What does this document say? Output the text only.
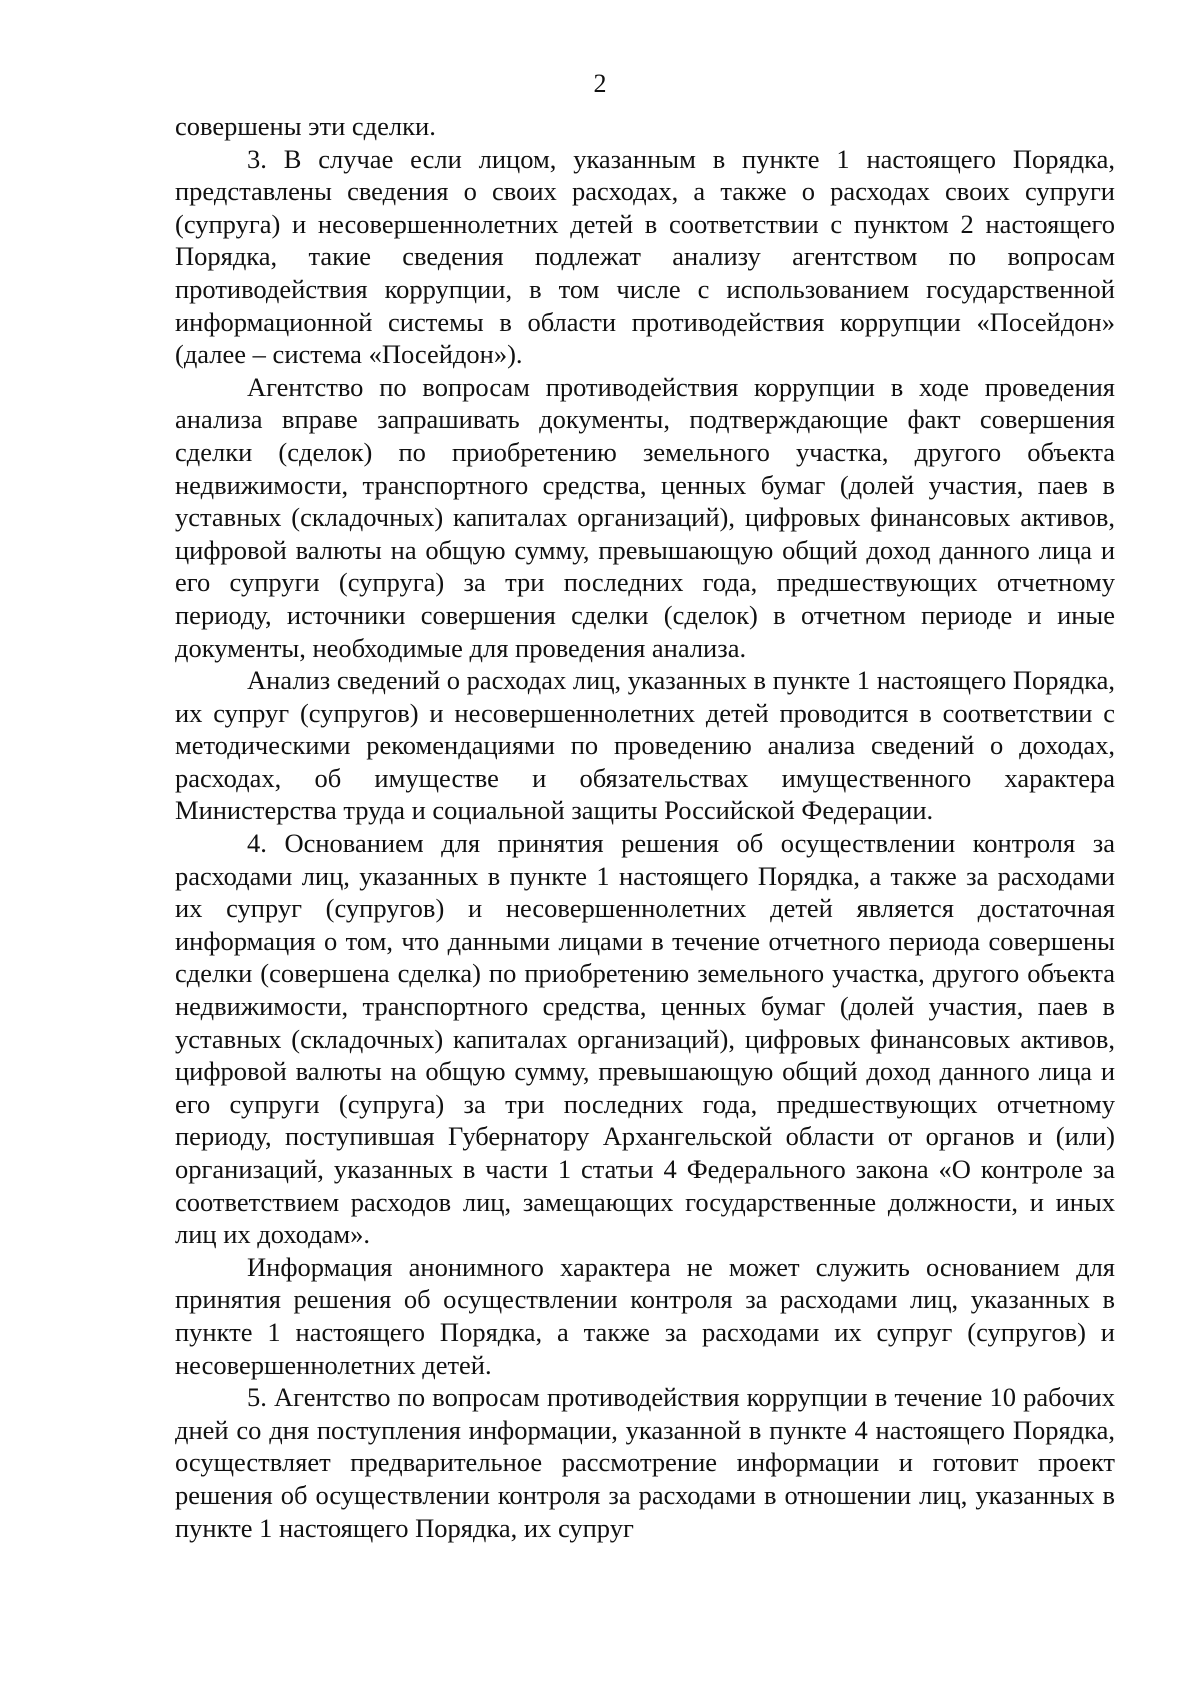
2

совершены эти сделки.

3. В случае если лицом, указанным в пункте 1 настоящего Порядка, представлены сведения о своих расходах, а также о расходах своих супруги (супруга) и несовершеннолетних детей в соответствии с пунктом 2 настоящего Порядка, такие сведения подлежат анализу агентством по вопросам противодействия коррупции, в том числе с использованием государственной информационной системы в области противодействия коррупции «Посейдон» (далее – система «Посейдон»).

Агентство по вопросам противодействия коррупции в ходе проведения анализа вправе запрашивать документы, подтверждающие факт совершения сделки (сделок) по приобретению земельного участка, другого объекта недвижимости, транспортного средства, ценных бумаг (долей участия, паев в уставных (складочных) капиталах организаций), цифровых финансовых активов, цифровой валюты на общую сумму, превышающую общий доход данного лица и его супруги (супруга) за три последних года, предшествующих отчетному периоду, источники совершения сделки (сделок) в отчетном периоде и иные документы, необходимые для проведения анализа.

Анализ сведений о расходах лиц, указанных в пункте 1 настоящего Порядка, их супруг (супругов) и несовершеннолетних детей проводится в соответствии с методическими рекомендациями по проведению анализа сведений о доходах, расходах, об имуществе и обязательствах имущественного характера Министерства труда и социальной защиты Российской Федерации.

4. Основанием для принятия решения об осуществлении контроля за расходами лиц, указанных в пункте 1 настоящего Порядка, а также за расходами их супруг (супругов) и несовершеннолетних детей является достаточная информация о том, что данными лицами в течение отчетного периода совершены сделки (совершена сделка) по приобретению земельного участка, другого объекта недвижимости, транспортного средства, ценных бумаг (долей участия, паев в уставных (складочных) капиталах организаций), цифровых финансовых активов, цифровой валюты на общую сумму, превышающую общий доход данного лица и его супруги (супруга) за три последних года, предшествующих отчетному периоду, поступившая Губернатору Архангельской области от органов и (или) организаций, указанных в части 1 статьи 4 Федерального закона «О контроле за соответствием расходов лиц, замещающих государственные должности, и иных лиц их доходам».

Информация анонимного характера не может служить основанием для принятия решения об осуществлении контроля за расходами лиц, указанных в пункте 1 настоящего Порядка, а также за расходами их супруг (супругов) и несовершеннолетних детей.

5. Агентство по вопросам противодействия коррупции в течение 10 рабочих дней со дня поступления информации, указанной в пункте 4 настоящего Порядка, осуществляет предварительное рассмотрение информации и готовит проект решения об осуществлении контроля за расходами в отношении лиц, указанных в пункте 1 настоящего Порядка, их супруг
